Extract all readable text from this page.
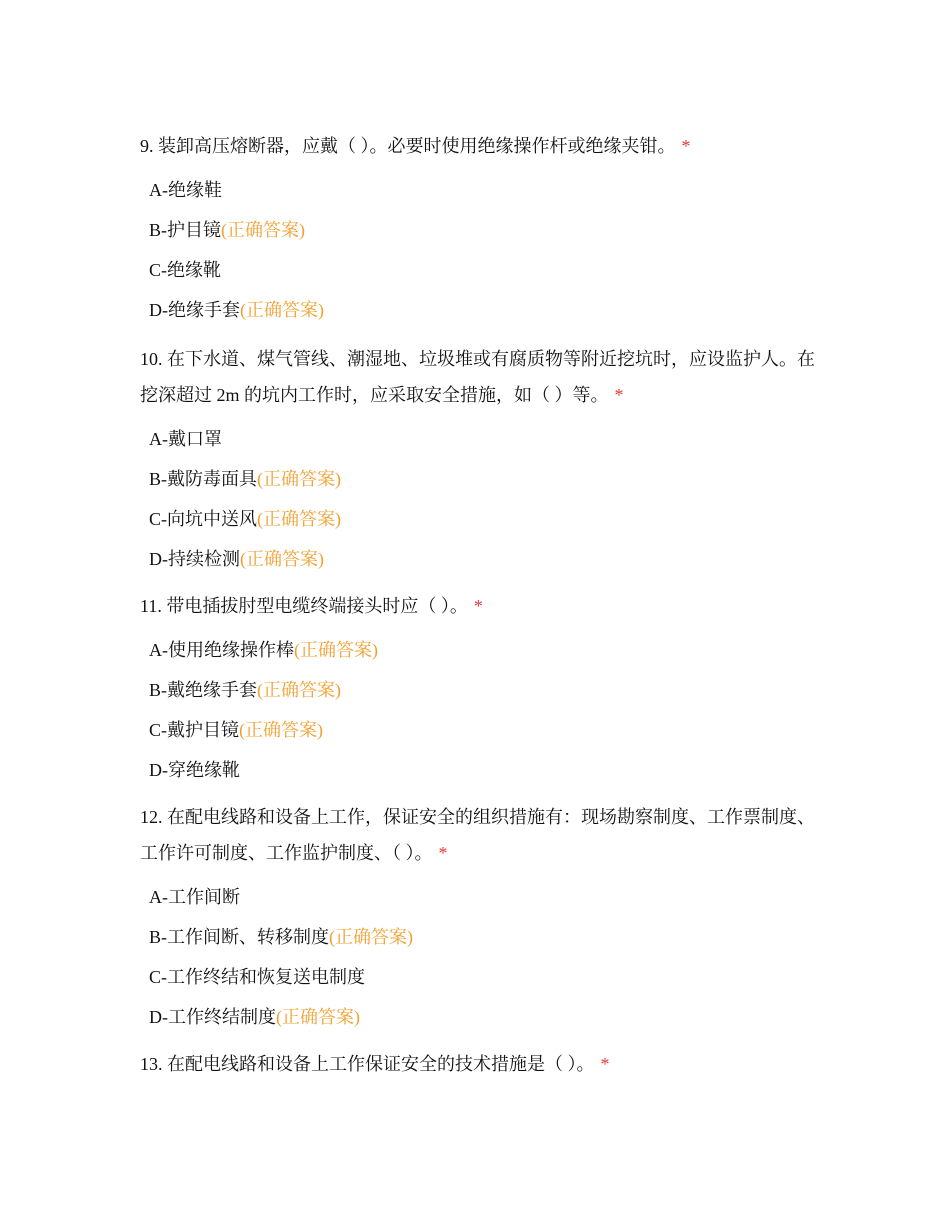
9. 装卸高压熔断器，应戴（ ）。必要时使用绝缘操作杆或绝缘夹钳。 *

A-绝缘鞋
B-护目镜(正确答案)
C-绝缘靴
D-绝缘手套(正确答案)

10. 在下水道、煤气管线、潮湿地、垃圾堆或有腐质物等附近挖坑时，应设监护人。在挖深超过 2m 的坑内工作时，应采取安全措施，如（ ）等。 *

A-戴口罩
B-戴防毒面具(正确答案)
C-向坑中送风(正确答案)
D-持续检测(正确答案)

11. 带电插拔肘型电缆终端接头时应（ ）。 *

A-使用绝缘操作棒(正确答案)
B-戴绝缘手套(正确答案)
C-戴护目镜(正确答案)
D-穿绝缘靴

12. 在配电线路和设备上工作，保证安全的组织措施有：现场勘察制度、工作票制度、工作许可制度、工作监护制度、（ ）。 *

A-工作间断
B-工作间断、转移制度(正确答案)
C-工作终结和恢复送电制度
D-工作终结制度(正确答案)

13. 在配电线路和设备上工作保证安全的技术措施是（ ）。 *
